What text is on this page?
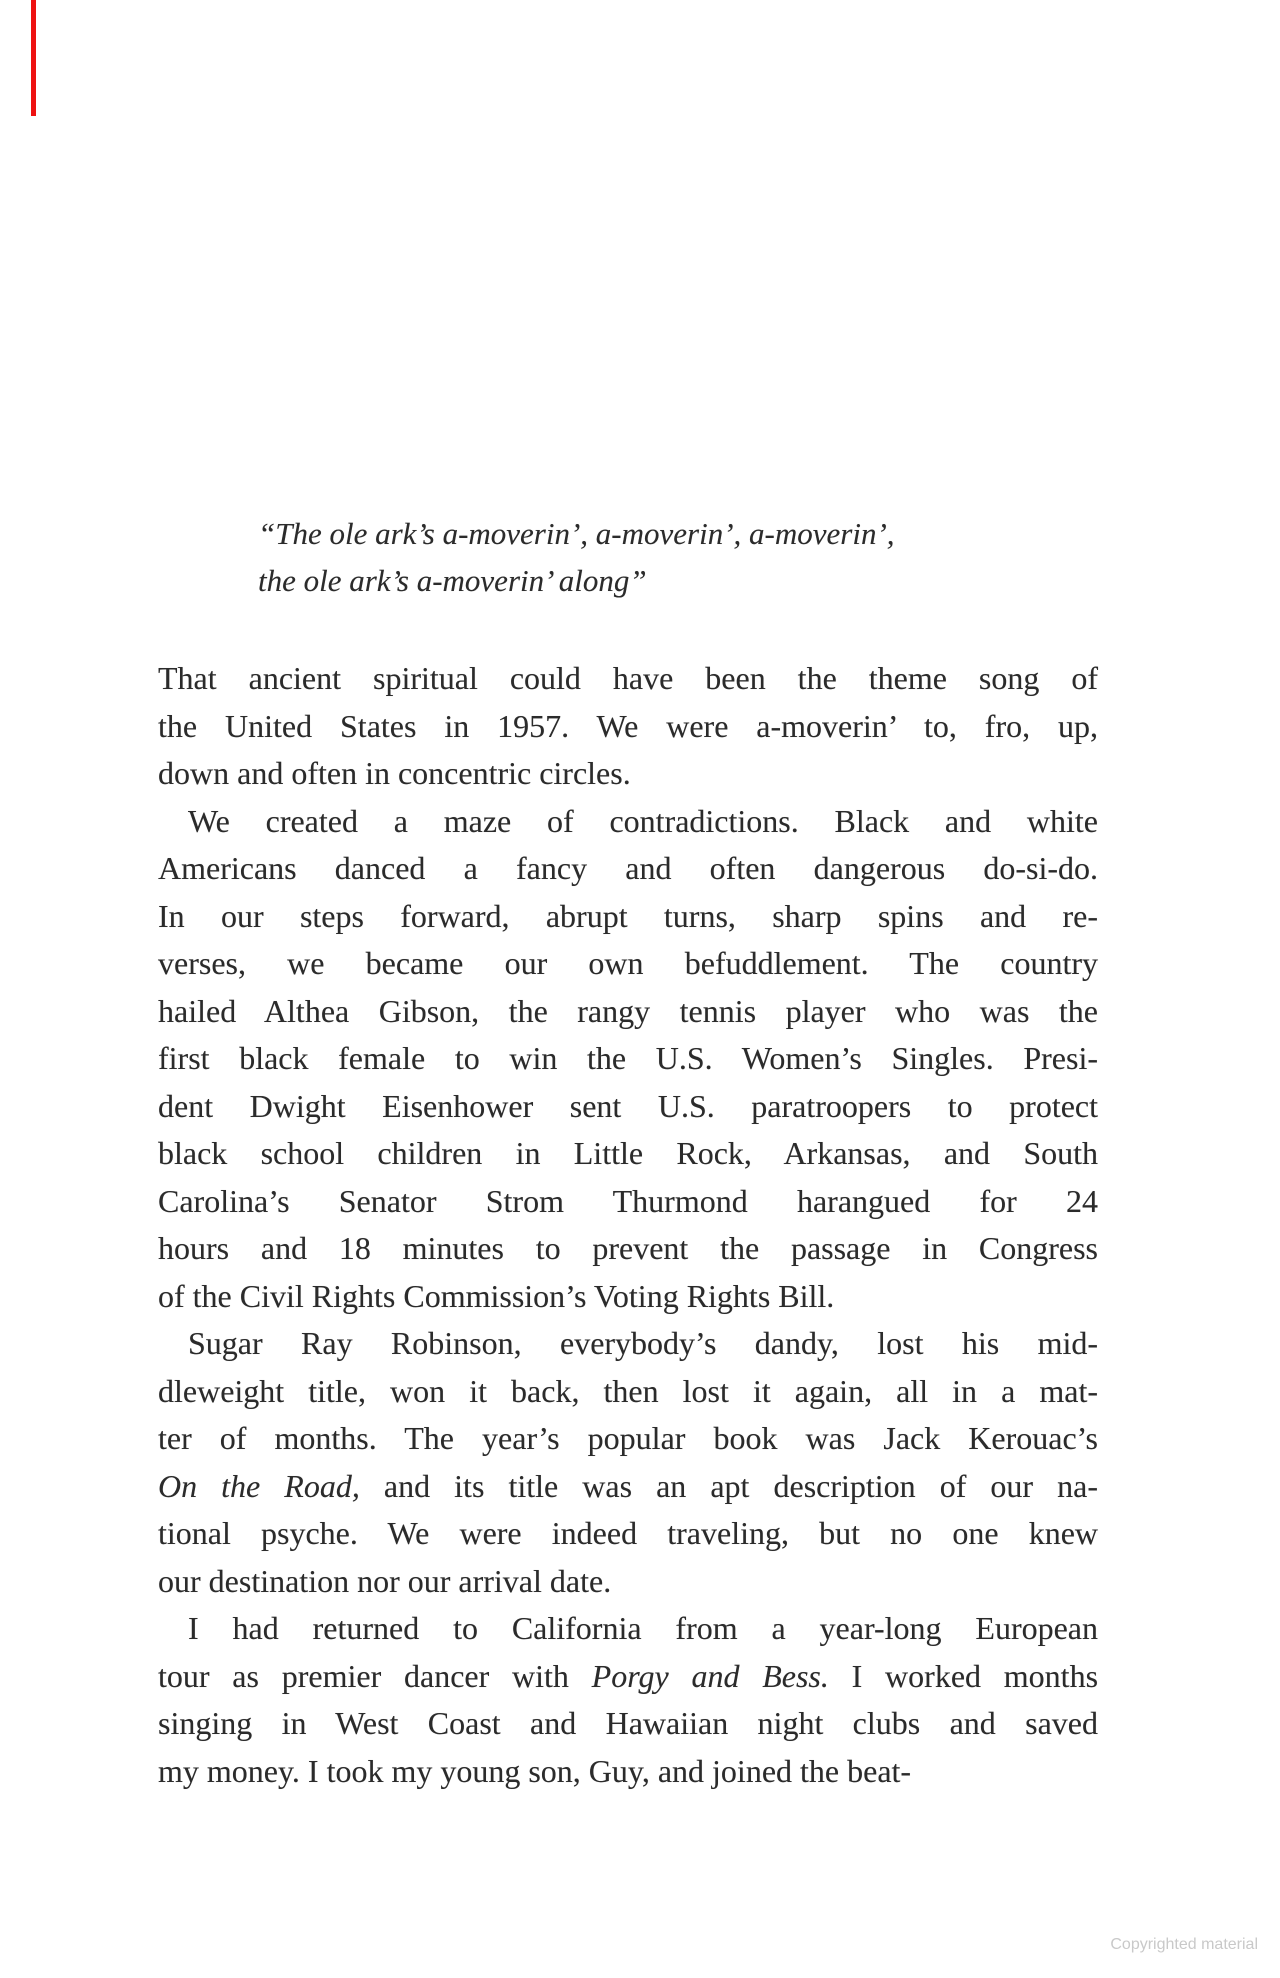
“The ole ark’s a-moverin’, a-moverin’, a-moverin’,
the ole ark’s a-moverin’ along”
That ancient spiritual could have been the theme song of
the United States in 1957. We were a-moverin’ to, fro, up,
down and often in concentric circles.
We created a maze of contradictions. Black and white
Americans danced a fancy and often dangerous do-si-do.
In our steps forward, abrupt turns, sharp spins and re-
verses, we became our own befuddlement. The country
hailed Althea Gibson, the rangy tennis player who was the
first black female to win the U.S. Women’s Singles. Presi-
dent Dwight Eisenhower sent U.S. paratroopers to protect
black school children in Little Rock, Arkansas, and South
Carolina’s Senator Strom Thurmond harangued for 24
hours and 18 minutes to prevent the passage in Congress
of the Civil Rights Commission’s Voting Rights Bill.
Sugar Ray Robinson, everybody’s dandy, lost his mid-
dleweight title, won it back, then lost it again, all in a mat-
ter of months. The year’s popular book was Jack Kerouac’s
On the Road, and its title was an apt description of our na-
tional psyche. We were indeed traveling, but no one knew
our destination nor our arrival date.
I had returned to California from a year-long European
tour as premier dancer with Porgy and Bess. I worked months
singing in West Coast and Hawaiian night clubs and saved
my money. I took my young son, Guy, and joined the beat-
Copyrighted material
